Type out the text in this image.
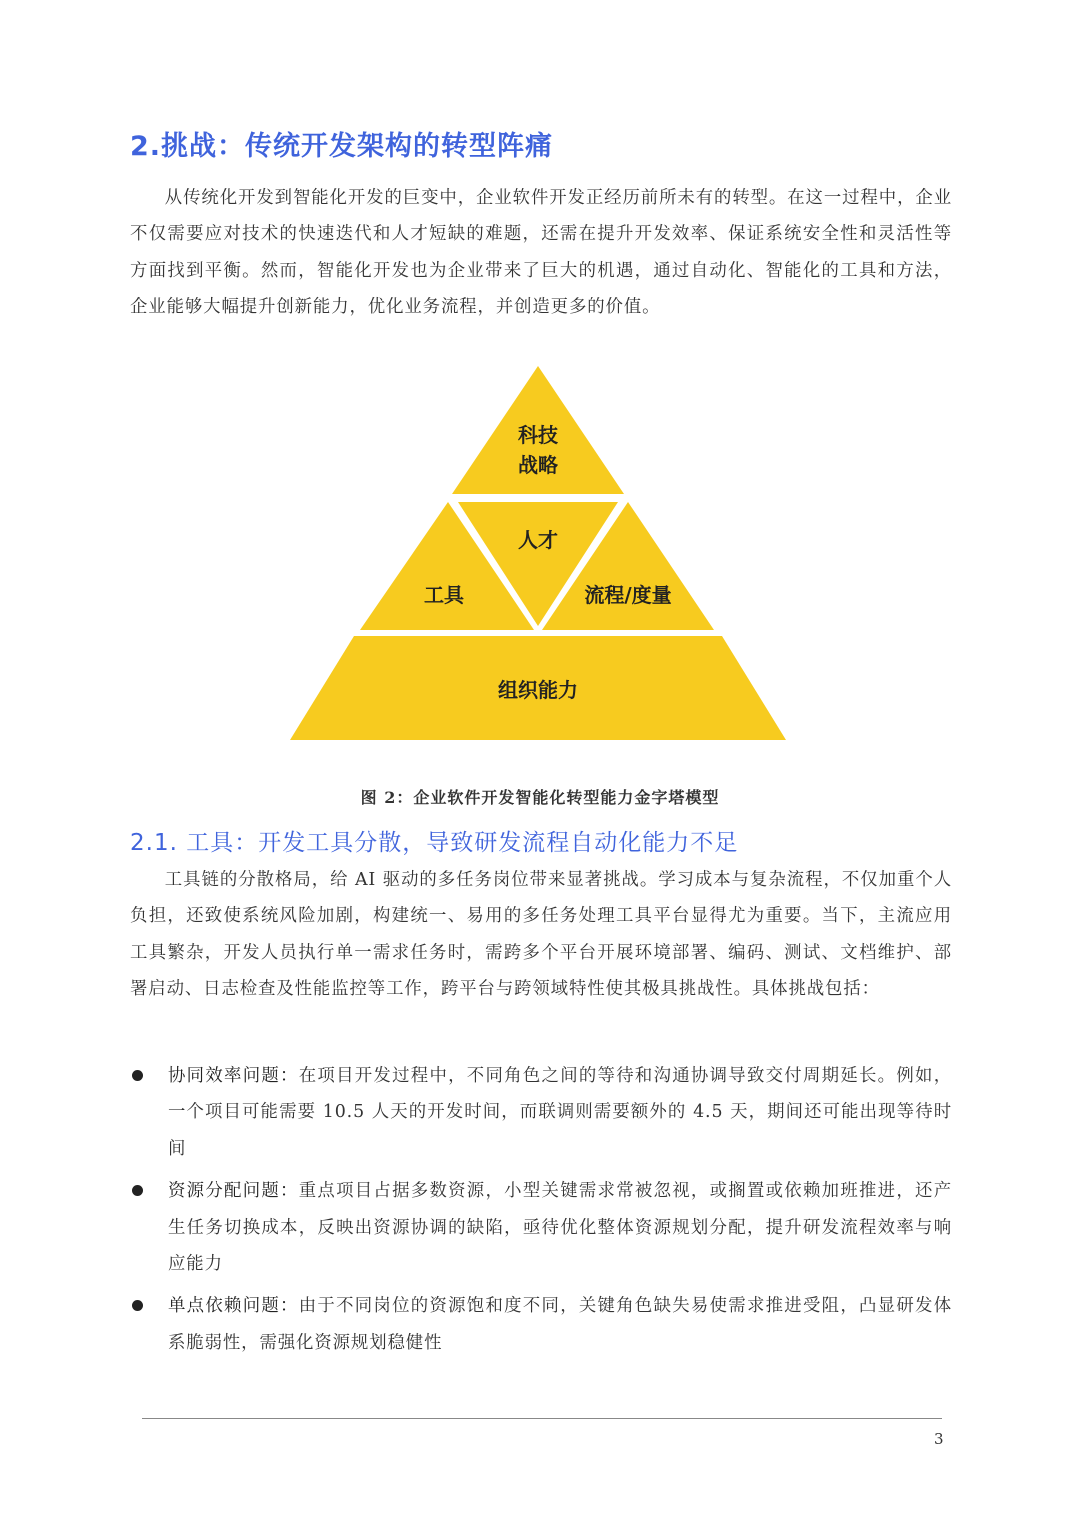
2.挑战：传统开发架构的转型阵痛

从传统化开发到智能化开发的巨变中，企业软件开发正经历前所未有的转型。在这一过程中，企业不仅需要应对技术的快速迭代和人才短缺的难题，还需在提升开发效率、保证系统安全性和灵活性等方面找到平衡。然而，智能化开发也为企业带来了巨大的机遇，通过自动化、智能化的工具和方法，企业能够大幅提升创新能力，优化业务流程，并创造更多的价值。

科技
战略
人才
工具	流程/度量
组织能力

图 2：企业软件开发智能化转型能力金字塔模型

2.1. 工具：开发工具分散，导致研发流程自动化能力不足

工具链的分散格局，给 AI 驱动的多任务岗位带来显著挑战。学习成本与复杂流程，不仅加重个人负担，还致使系统风险加剧，构建统一、易用的多任务处理工具平台显得尤为重要。当下，主流应用工具繁杂，开发人员执行单一需求任务时，需跨多个平台开展环境部署、编码、测试、文档维护、部署启动、日志检查及性能监控等工作，跨平台与跨领域特性使其极具挑战性。具体挑战包括：

协同效率问题：在项目开发过程中，不同角色之间的等待和沟通协调导致交付周期延长。例如，一个项目可能需要 10.5 人天的开发时间，而联调则需要额外的 4.5 天，期间还可能出现等待时间
资源分配问题：重点项目占据多数资源，小型关键需求常被忽视，或搁置或依赖加班推进，还产生任务切换成本，反映出资源协调的缺陷，亟待优化整体资源规划分配，提升研发流程效率与响应能力
单点依赖问题：由于不同岗位的资源饱和度不同，关键角色缺失易使需求推进受阻，凸显研发体系脆弱性，需强化资源规划稳健性
3
